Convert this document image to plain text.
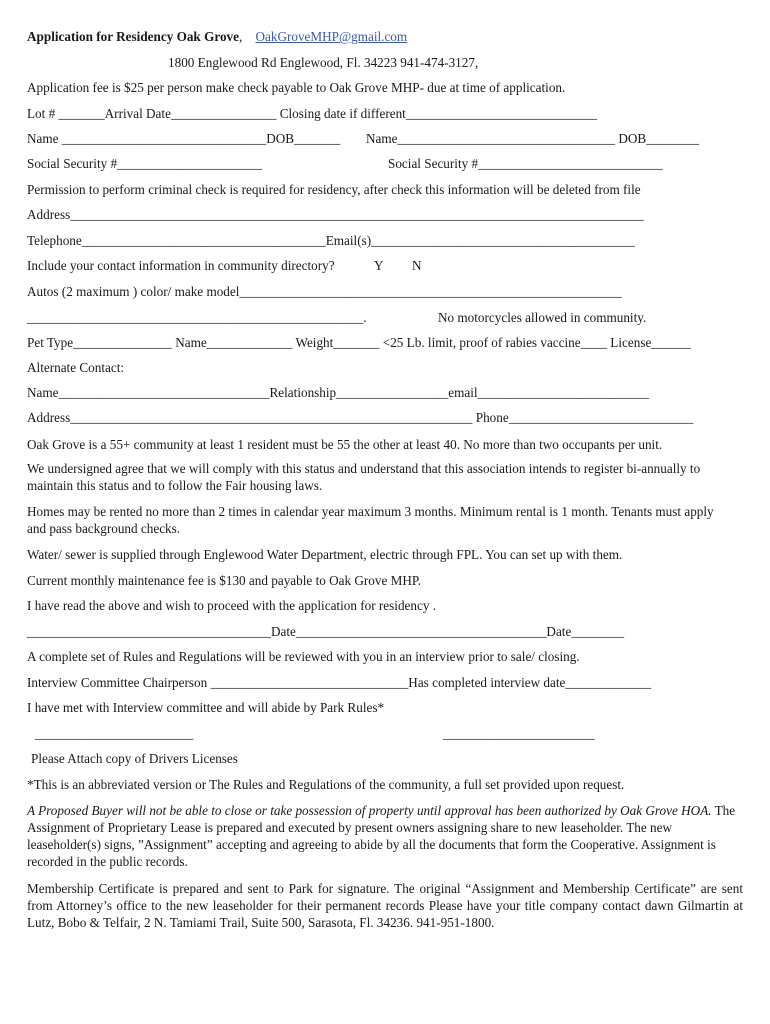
Application for Residency Oak Grove, OakGroveMHP@gmail.com
1800 Englewood Rd Englewood, Fl. 34223 941-474-3127,
Application fee is $25 per person make check payable to Oak Grove MHP- due at time of application.
Lot # _______Arrival Date________________ Closing date if different_____________________________
Name _______________________________DOB_______ Name_________________________________ DOB________
Social Security #______________________	Social Security #____________________________
Permission to perform criminal check is required for residency, after check this information will be deleted from file
Address_______________________________________________________________________________________
Telephone_____________________________________Email(s)________________________________________
Include your contact information in community directory?	Y N
Autos (2 maximum ) color/ make model__________________________________________________________
___________________________________________________.	No motorcycles allowed in community.
Pet Type_______________ Name_____________ Weight_______ <25 Lb. limit, proof of rabies vaccine____ License______
Alternate Contact:
Name________________________________Relationship_________________email__________________________
Address_____________________________________________________________ Phone____________________________
Oak Grove is a 55+ community at least 1 resident must be 55 the other at least 40. No more than two occupants per unit.
We undersigned agree that we will comply with this status and understand that this association intends to register bi-annually to maintain this status and to follow the Fair housing laws.
Homes may be rented no more than 2 times in calendar year maximum 3 months. Minimum rental is 1 month. Tenants must apply and pass background checks.
Water/ sewer is supplied through Englewood Water Department, electric through FPL. You can set up with them.
Current monthly maintenance fee is $130 and payable to Oak Grove MHP.
I have read the above and wish to proceed with the application for residency .
_____________________________________Date______________________________________Date________
A complete set of Rules and Regulations will be reviewed with you in an interview prior to sale/ closing.
Interview Committee Chairperson ______________________________Has completed interview date_____________
I have met with Interview committee and will abide by Park Rules*
________________________	_______________________
Please Attach copy of Drivers Licenses
*This is an abbreviated version or The Rules and Regulations of the community, a full set provided upon request.
A Proposed Buyer will not be able to close or take possession of property until approval has been authorized by Oak Grove HOA. The Assignment of Proprietary Lease is prepared and executed by present owners assigning share to new leaseholder. The new leaseholder(s) signs, ”Assignment” accepting and agreeing to abide by all the documents that form the Cooperative. Assignment is recorded in the public records.
Membership Certificate is prepared and sent to Park for signature. The original “Assignment and Membership Certificate” are sent from Attorney’s office to the new leaseholder for their permanent records Please have your title company contact dawn Gilmartin at Lutz, Bobo & Telfair, 2 N. Tamiami Trail, Suite 500, Sarasota, Fl. 34236. 941-951-1800.
